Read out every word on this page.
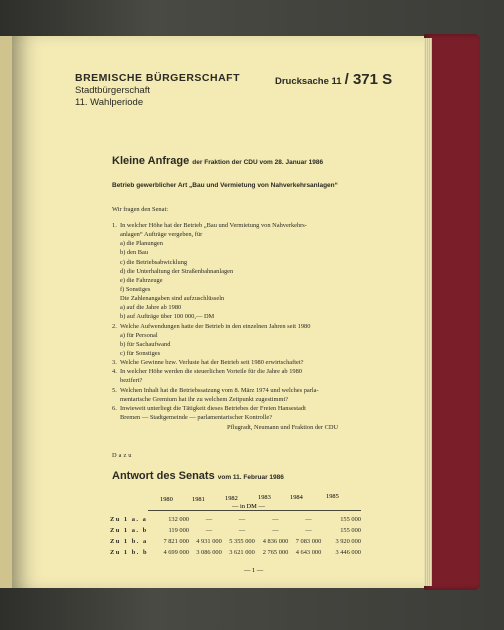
BREMISCHE BÜRGERSCHAFT
Stadtbürgerschaft
11. Wahlperiode
Drucksache 11 / 371 S
Kleine Anfrage der Fraktion der CDU vom 28. Januar 1986
Betrieb gewerblicher Art „Bau und Vermietung von Nahverkehrsanlagen“
Wir fragen den Senat:
1. In welcher Höhe hat der Betrieb „Bau und Vermietung von Nahverkehrs-
anlagen“ Aufträge vergeben, für
a) die Planungen
b) den Bau
c) die Betriebsabwicklung
d) die Unterhaltung der Straßenbahnanlagen
e) die Fahrzeuge
f) Sonstiges
Die Zahlenangaben sind aufzuschlüsseln
a) auf die Jahre ab 1980
b) auf Aufträge über 100 000,— DM
2. Welche Aufwendungen hatte der Betrieb in den einzelnen Jahren seit 1980
a) für Personal
b) für Sachaufwand
c) für Sonstiges
3. Welche Gewinne bzw. Verluste hat der Betrieb seit 1980 erwirtschaftet?
4. In welcher Höhe werden die steuerlichen Vorteile für die Jahre ab 1980
bezifert?
5. Welchen Inhalt hat die Betriebssatzung vom 8. März 1974 und welches parla-
mentarische Gremium hat ihr zu welchem Zeitpunkt zugestimmt?
6. Inwieweit unterliegt die Tätigkeit dieses Betriebes der Freien Hansestadt
Bremen — Stadtgemeinde — parlamentarischer Kontrolle?
Pflugradt, Neumann und Fraktion der CDU
Dazu
Antwort des Senats vom 11. Februar 1986
1980	1981	1982	1983	1984	1985
— in DM —
Zu 1 a. a	132 000	—	—	—	—	155 000
Zu 1 a. b	119 000	—	—	—	—	155 000
Zu 1 b. a	7 821 000	4 931 000	5 355 000	4 836 000	7 083 000	3 920 000
Zu 1 b. b	4 699 000	3 086 000	3 621 000	2 765 000	4 643 000	3 446 000
— 1 —
